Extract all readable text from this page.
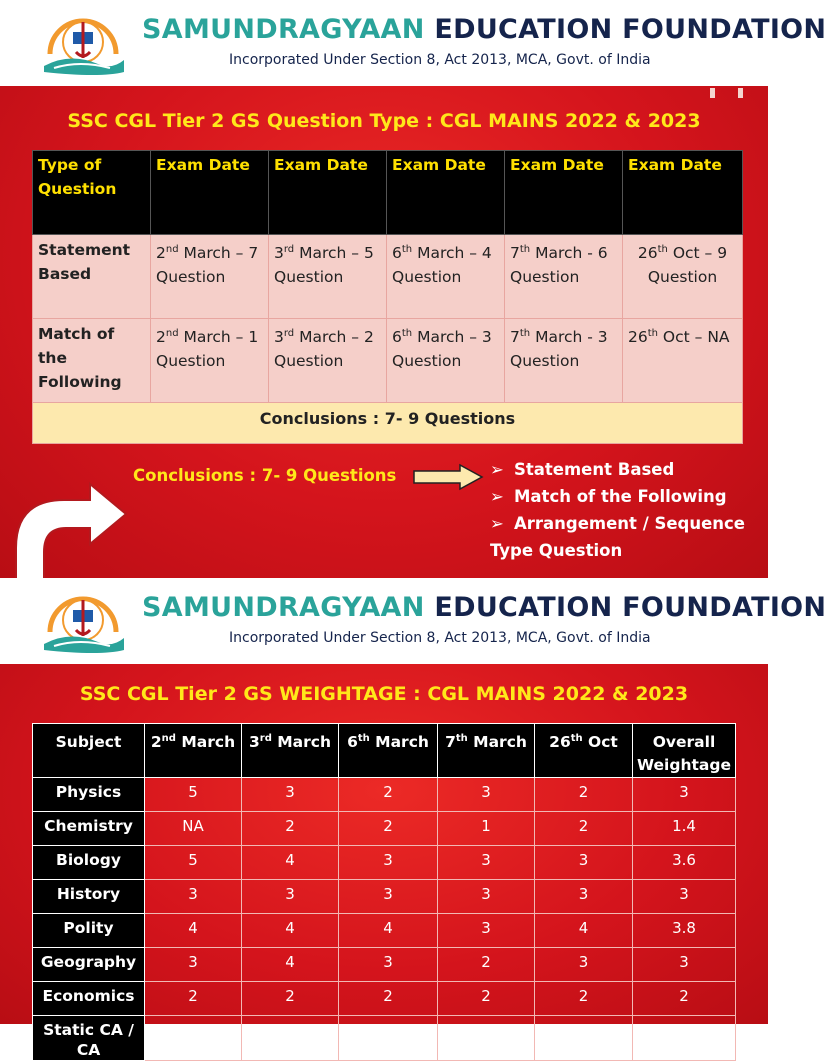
SAMUNDRAGYAAN EDUCATION FOUNDATION
Incorporated Under Section 8, Act 2013, MCA, Govt. of India
SSC CGL Tier 2 GS Question Type : CGL MAINS 2022 & 2023
Type of Question	Exam Date	Exam Date	Exam Date	Exam Date	Exam Date
Statement Based	2nd March – 7 Question	3rd March – 5 Question	6th March – 4 Question	7th March - 6 Question	26th Oct – 9 Question
Match of the Following	2nd March – 1 Question	3rd March – 2 Question	6th March – 3 Question	7th March - 3 Question	26th Oct – NA
Conclusions : 7- 9 Questions					
Conclusions : 7- 9 Questions	➢ Statement Based
➢ Match of the Following
➢ Arrangement / Sequence
Type Question
SAMUNDRAGYAAN EDUCATION FOUNDATION
Incorporated Under Section 8, Act 2013, MCA, Govt. of India
SSC CGL Tier 2 GS WEIGHTAGE : CGL MAINS 2022 & 2023
Subject	2nd March	3rd March	6th March	7th March	26th Oct	Overall Weightage
Physics	5	3	2	3	2	3
Chemistry	NA	2	2	1	2	1.4
Biology	5	4	3	3	3	3.6
History	3	3	3	3	3	3
Polity	4	4	4	3	4	3.8
Geography	3	4	3	2	3	3
Economics	2	2	2	2	2	2
Static CA / CA	2	1	4	5	5	3.4
